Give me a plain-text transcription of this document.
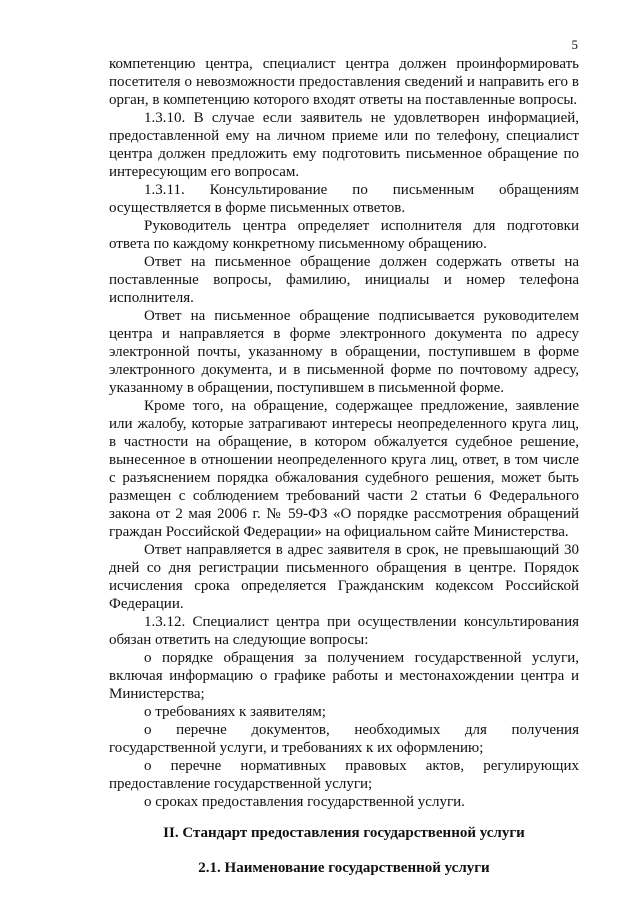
5

компетенцию центра, специалист центра должен проинформировать посетителя о невозможности предоставления сведений и направить его в орган, в компетенцию которого входят ответы на поставленные вопросы.

1.3.10. В случае если заявитель не удовлетворен информацией, предоставленной ему на личном приеме или по телефону, специалист центра должен предложить ему подготовить письменное обращение по интересующим его вопросам.

1.3.11. Консультирование по письменным обращениям осуществляется в форме письменных ответов.

Руководитель центра определяет исполнителя для подготовки ответа по каждому конкретному письменному обращению.

Ответ на письменное обращение должен содержать ответы на поставленные вопросы, фамилию, инициалы и номер телефона исполнителя.

Ответ на письменное обращение подписывается руководителем центра и направляется в форме электронного документа по адресу электронной почты, указанному в обращении, поступившем в форме электронного документа, и в письменной форме по почтовому адресу, указанному в обращении, поступившем в письменной форме.

Кроме того, на обращение, содержащее предложение, заявление или жалобу, которые затрагивают интересы неопределенного круга лиц, в частности на обращение, в котором обжалуется судебное решение, вынесенное в отношении неопределенного круга лиц, ответ, в том числе с разъяснением порядка обжалования судебного решения, может быть размещен с соблюдением требований части 2 статьи 6 Федерального закона от 2 мая 2006 г. № 59-ФЗ «О порядке рассмотрения обращений граждан Российской Федерации» на официальном сайте Министерства.

Ответ направляется в адрес заявителя в срок, не превышающий 30 дней со дня регистрации письменного обращения в центре. Порядок исчисления срока определяется Гражданским кодексом Российской Федерации.

1.3.12. Специалист центра при осуществлении консультирования обязан ответить на следующие вопросы:

о порядке обращения за получением государственной услуги, включая информацию о графике работы и местонахождении центра и Министерства;

о требованиях к заявителям;

о перечне документов, необходимых для получения государственной услуги, и требованиях к их оформлению;

о перечне нормативных правовых актов, регулирующих предоставление государственной услуги;

о сроках предоставления государственной услуги.

II. Стандарт предоставления государственной услуги

2.1. Наименование государственной услуги
